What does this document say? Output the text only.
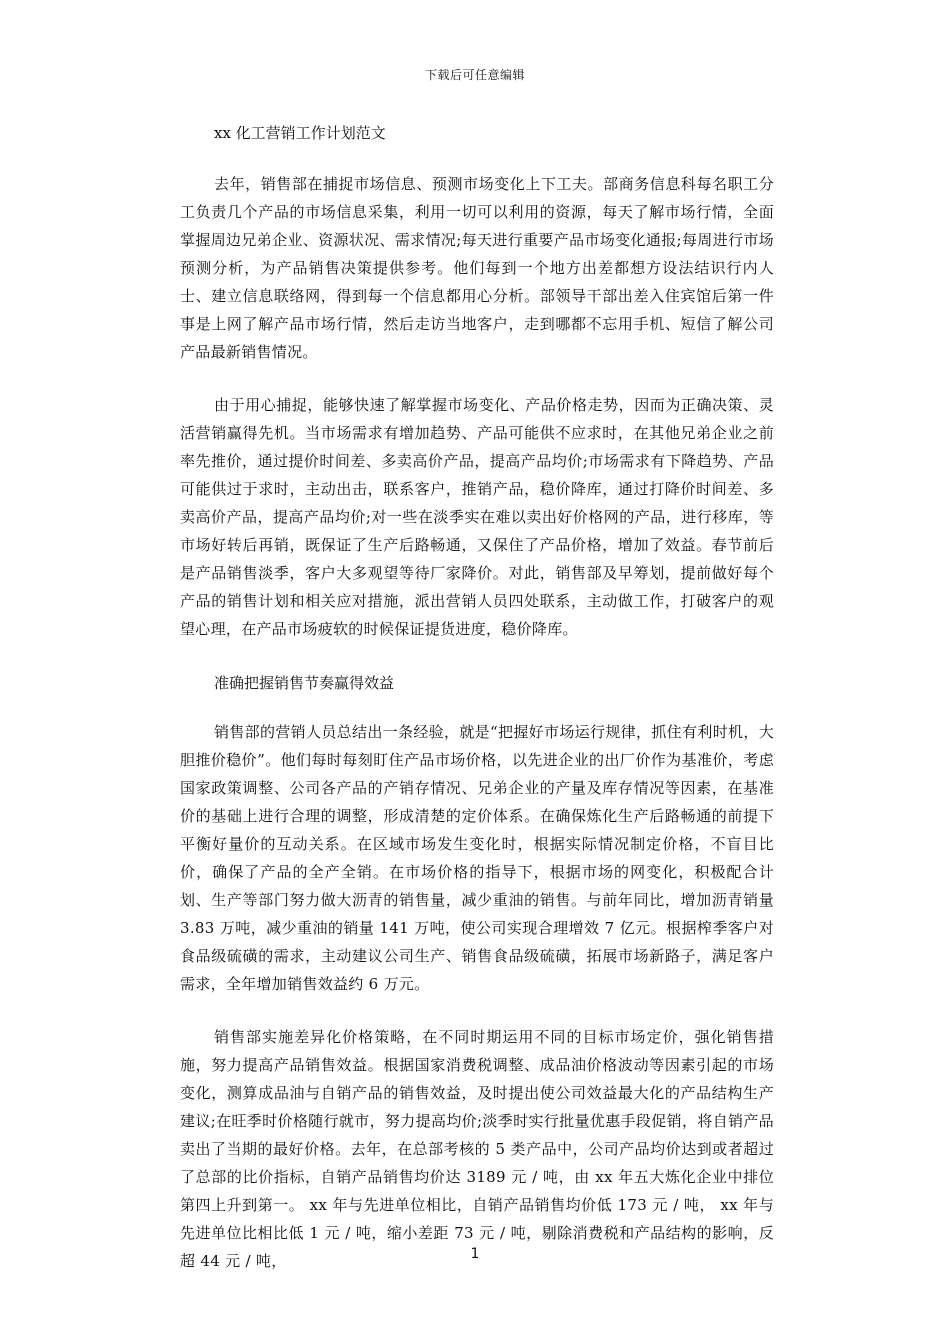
下载后可任意编辑
xx 化工营销工作计划范文

去年，销售部在捕捉市场信息、预测市场变化上下工夫。部商务信息科每名职工分工负责几个产品的市场信息采集，利用一切可以利用的资源，每天了解市场行情，全面掌握周边兄弟企业、资源状况、需求情况;每天进行重要产品市场变化通报;每周进行市场预测分析，为产品销售决策提供参考。他们每到一个地方出差都想方设法结识行内人士、建立信息联络网，得到每一个信息都用心分析。部领导干部出差入住宾馆后第一件事是上网了解产品市场行情，然后走访当地客户，走到哪都不忘用手机、短信了解公司产品最新销售情况。

由于用心捕捉，能够快速了解掌握市场变化、产品价格走势，因而为正确决策、灵活营销赢得先机。当市场需求有增加趋势、产品可能供不应求时，在其他兄弟企业之前率先推价，通过提价时间差、多卖高价产品，提高产品均价;市场需求有下降趋势、产品可能供过于求时，主动出击，联系客户，推销产品，稳价降库，通过打降价时间差、多卖高价产品，提高产品均价;对一些在淡季实在难以卖出好价格网的产品，进行移库，等市场好转后再销，既保证了生产后路畅通，又保住了产品价格，增加了效益。春节前后是产品销售淡季，客户大多观望等待厂家降价。对此，销售部及早筹划，提前做好每个产品的销售计划和相关应对措施，派出营销人员四处联系，主动做工作，打破客户的观望心理，在产品市场疲软的时候保证提货进度，稳价降库。

准确把握销售节奏赢得效益

销售部的营销人员总结出一条经验，就是“把握好市场运行规律，抓住有利时机，大胆推价稳价”。他们每时每刻盯住产品市场价格，以先进企业的出厂价作为基准价，考虑国家政策调整、公司各产品的产销存情况、兄弟企业的产量及库存情况等因素，在基准价的基础上进行合理的调整，形成清楚的定价体系。在确保炼化生产后路畅通的前提下平衡好量价的互动关系。在区域市场发生变化时，根据实际情况制定价格，不盲目比价，确保了产品的全产全销。在市场价格的指导下，根据市场的网变化，积极配合计划、生产等部门努力做大沥青的销售量，减少重油的销售。与前年同比，增加沥青销量 3.83 万吨，减少重油的销量 141 万吨，使公司实现合理增效 7 亿元。根据榨季客户对食品级硫磺的需求，主动建议公司生产、销售食品级硫磺，拓展市场新路子，满足客户需求，全年增加销售效益约 6 万元。

销售部实施差异化价格策略，在不同时期运用不同的目标市场定价，强化销售措施，努力提高产品销售效益。根据国家消费税调整、成品油价格波动等因素引起的市场变化，测算成品油与自销产品的销售效益，及时提出使公司效益最大化的产品结构生产建议;在旺季时价格随行就市，努力提高均价;淡季时实行批量优惠手段促销，将自销产品卖出了当期的最好价格。去年，在总部考核的 5 类产品中，公司产品均价达到或者超过了总部的比价指标，自销产品销售均价达 3189 元 / 吨，由 xx 年五大炼化企业中排位第四上升到第一。 xx 年与先进单位相比，自销产品销售均价低 173 元 / 吨， xx 年与先进单位比相比低 1 元 / 吨，缩小差距 73 元 / 吨，剔除消费税和产品结构的影响，反超 44 元 / 吨，	1
